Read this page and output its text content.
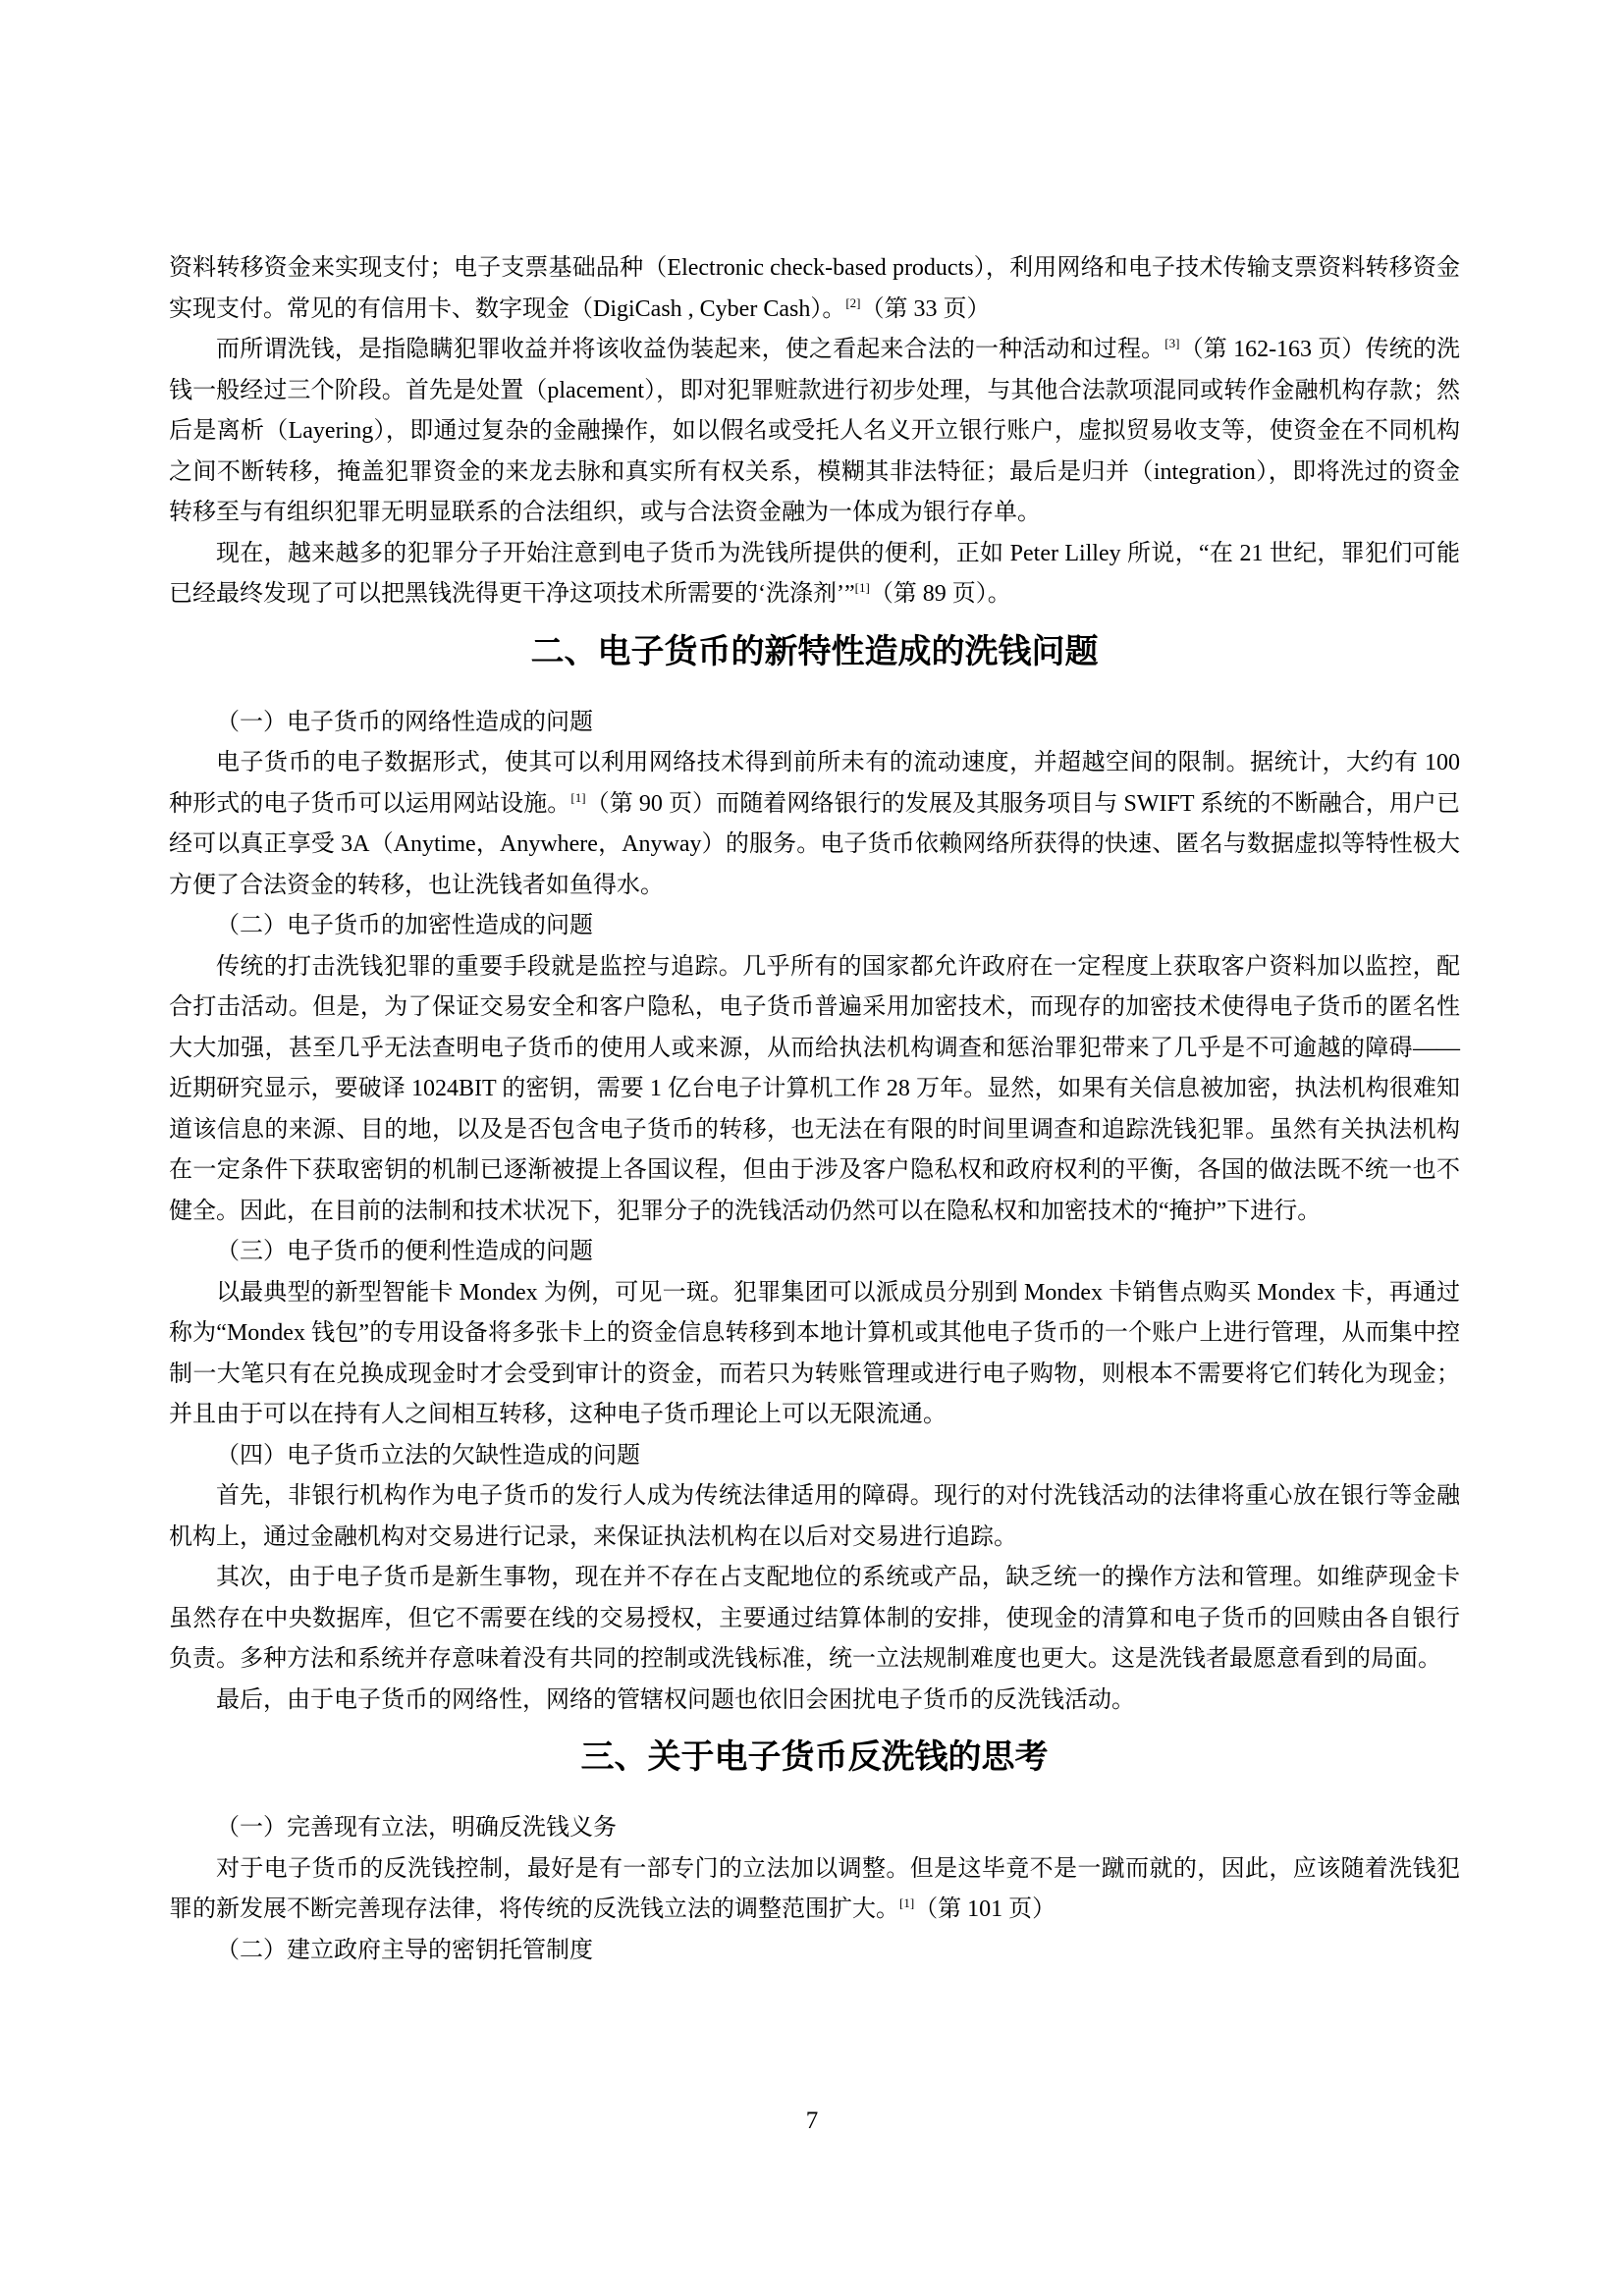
资料转移资金来实现支付；电子支票基础品种（Electronic check-based products），利用网络和电子技术传输支票资料转移资金实现支付。常见的有信用卡、数字现金（DigiCash , Cyber Cash）。[2]（第 33 页）

而所谓洗钱，是指隐瞒犯罪收益并将该收益伪装起来，使之看起来合法的一种活动和过程。[3]（第 162-163 页）传统的洗钱一般经过三个阶段。首先是处置（placement），即对犯罪赃款进行初步处理，与其他合法款项混同或转作金融机构存款；然后是离析（Layering），即通过复杂的金融操作，如以假名或受托人名义开立银行账户，虚拟贸易收支等，使资金在不同机构之间不断转移，掩盖犯罪资金的来龙去脉和真实所有权关系，模糊其非法特征；最后是归并（integration），即将洗过的资金转移至与有组织犯罪无明显联系的合法组织，或与合法资金融为一体成为银行存单。

现在，越来越多的犯罪分子开始注意到电子货币为洗钱所提供的便利，正如 Peter Lilley 所说，“在 21 世纪，罪犯们可能已经最终发现了可以把黑钱洗得更干净这项技术所需要的‘洗涤剂’”[1]（第 89 页）。

二、电子货币的新特性造成的洗钱问题

（一）电子货币的网络性造成的问题

电子货币的电子数据形式，使其可以利用网络技术得到前所未有的流动速度，并超越空间的限制。据统计，大约有 100 种形式的电子货币可以运用网站设施。[1]（第 90 页）而随着网络银行的发展及其服务项目与 SWIFT 系统的不断融合，用户已经可以真正享受 3A（Anytime，Anywhere，Anyway）的服务。电子货币依赖网络所获得的快速、匿名与数据虚拟等特性极大方便了合法资金的转移，也让洗钱者如鱼得水。

（二）电子货币的加密性造成的问题

传统的打击洗钱犯罪的重要手段就是监控与追踪。几乎所有的国家都允许政府在一定程度上获取客户资料加以监控，配合打击活动。但是，为了保证交易安全和客户隐私，电子货币普遍采用加密技术，而现存的加密技术使得电子货币的匿名性大大加强，甚至几乎无法查明电子货币的使用人或来源，从而给执法机构调查和惩治罪犯带来了几乎是不可逾越的障碍——近期研究显示，要破译 1024BIT 的密钥，需要 1 亿台电子计算机工作 28 万年。显然，如果有关信息被加密，执法机构很难知道该信息的来源、目的地，以及是否包含电子货币的转移，也无法在有限的时间里调查和追踪洗钱犯罪。虽然有关执法机构在一定条件下获取密钥的机制已逐渐被提上各国议程，但由于涉及客户隐私权和政府权利的平衡，各国的做法既不统一也不健全。因此，在目前的法制和技术状况下，犯罪分子的洗钱活动仍然可以在隐私权和加密技术的“掩护”下进行。

（三）电子货币的便利性造成的问题

以最典型的新型智能卡 Mondex 为例，可见一斑。犯罪集团可以派成员分别到 Mondex 卡销售点购买 Mondex 卡，再通过称为“Mondex 钱包”的专用设备将多张卡上的资金信息转移到本地计算机或其他电子货币的一个账户上进行管理，从而集中控制一大笔只有在兑换成现金时才会受到审计的资金，而若只为转账管理或进行电子购物，则根本不需要将它们转化为现金；并且由于可以在持有人之间相互转移，这种电子货币理论上可以无限流通。

（四）电子货币立法的欠缺性造成的问题

首先，非银行机构作为电子货币的发行人成为传统法律适用的障碍。现行的对付洗钱活动的法律将重心放在银行等金融机构上，通过金融机构对交易进行记录，来保证执法机构在以后对交易进行追踪。

其次，由于电子货币是新生事物，现在并不存在占支配地位的系统或产品，缺乏统一的操作方法和管理。如维萨现金卡虽然存在中央数据库，但它不需要在线的交易授权，主要通过结算体制的安排，使现金的清算和电子货币的回赎由各自银行负责。多种方法和系统并存意味着没有共同的控制或洗钱标准，统一立法规制难度也更大。这是洗钱者最愿意看到的局面。

最后，由于电子货币的网络性，网络的管辖权问题也依旧会困扰电子货币的反洗钱活动。

三、关于电子货币反洗钱的思考

（一）完善现有立法，明确反洗钱义务

对于电子货币的反洗钱控制，最好是有一部专门的立法加以调整。但是这毕竟不是一蹴而就的，因此，应该随着洗钱犯罪的新发展不断完善现存法律，将传统的反洗钱立法的调整范围扩大。[1]（第 101 页）

（二）建立政府主导的密钥托管制度

7
